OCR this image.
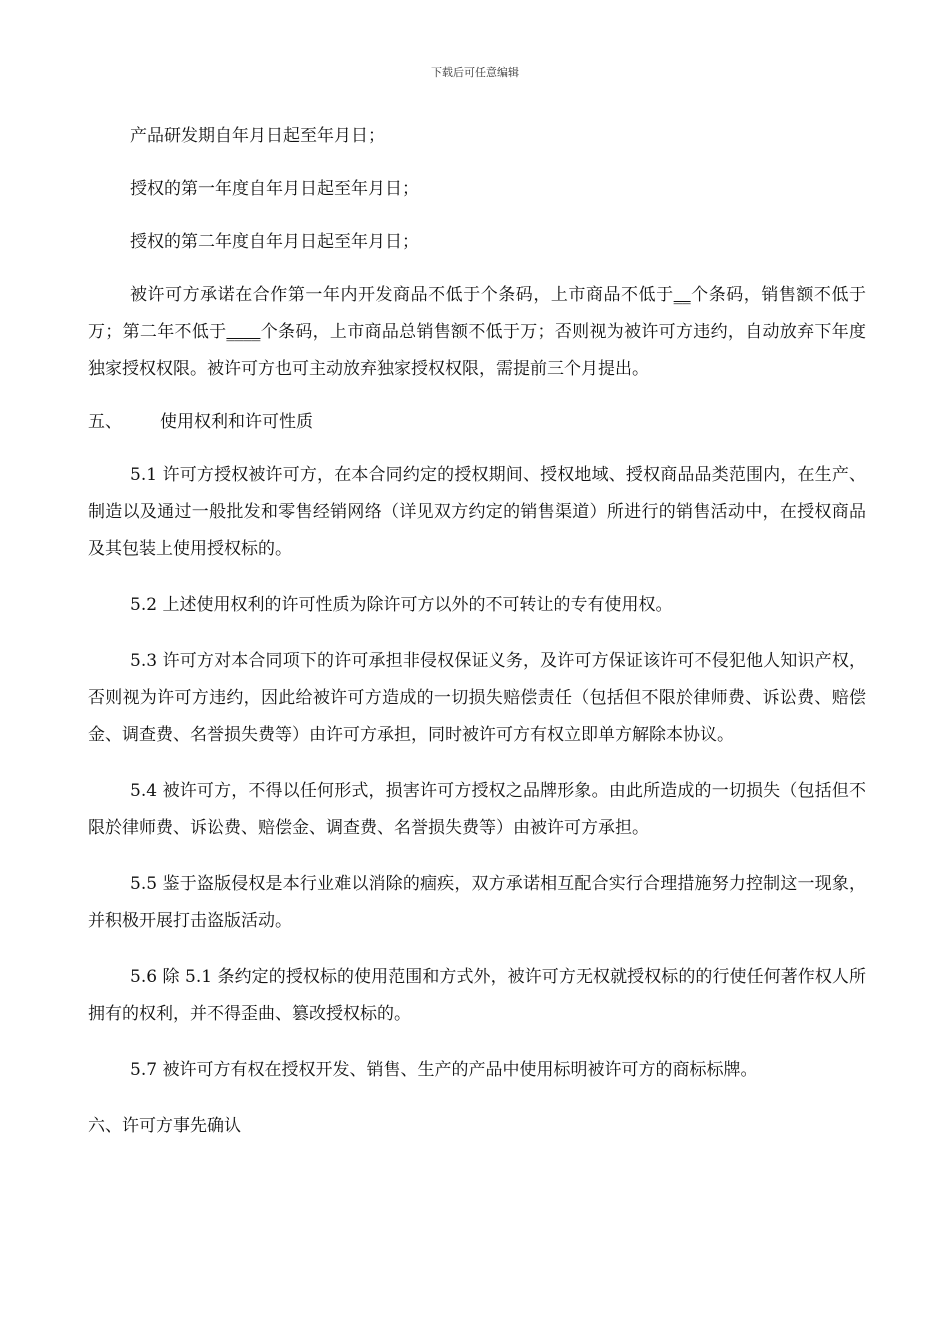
下载后可任意编辑

产品研发期自年月日起至年月日；

授权的第一年度自年月日起至年月日；

授权的第二年度自年月日起至年月日；

被许可方承诺在合作第一年内开发商品不低于个条码，上市商品不低于__个条码，销售额不低于万；第二年不低于____个条码，上市商品总销售额不低于万；否则视为被许可方违约，自动放弃下年度独家授权权限。被许可方也可主动放弃独家授权权限，需提前三个月提出。

五、	使用权利和许可性质

5.1 许可方授权被许可方，在本合同约定的授权期间、授权地域、授权商品品类范围内，在生产、制造以及通过一般批发和零售经销网络（详见双方约定的销售渠道）所进行的销售活动中，在授权商品及其包装上使用授权标的。

5.2 上述使用权利的许可性质为除许可方以外的不可转让的专有使用权。

5.3 许可方对本合同项下的许可承担非侵权保证义务，及许可方保证该许可不侵犯他人知识产权，否则视为许可方违约，因此给被许可方造成的一切损失赔偿责任（包括但不限於律师费、诉讼费、赔偿金、调查费、名誉损失费等）由许可方承担，同时被许可方有权立即单方解除本协议。

5.4 被许可方，不得以任何形式，损害许可方授权之品牌形象。由此所造成的一切损失（包括但不限於律师费、诉讼费、赔偿金、调查费、名誉损失费等）由被许可方承担。

5.5 鉴于盗版侵权是本行业难以消除的痼疾，双方承诺相互配合实行合理措施努力控制这一现象，并积极开展打击盗版活动。

5.6 除 5.1 条约定的授权标的使用范围和方式外，被许可方无权就授权标的的行使任何著作权人所拥有的权利，并不得歪曲、篡改授权标的。

5.7 被许可方有权在授权开发、销售、生产的产品中使用标明被许可方的商标标牌。

六、许可方事先确认
